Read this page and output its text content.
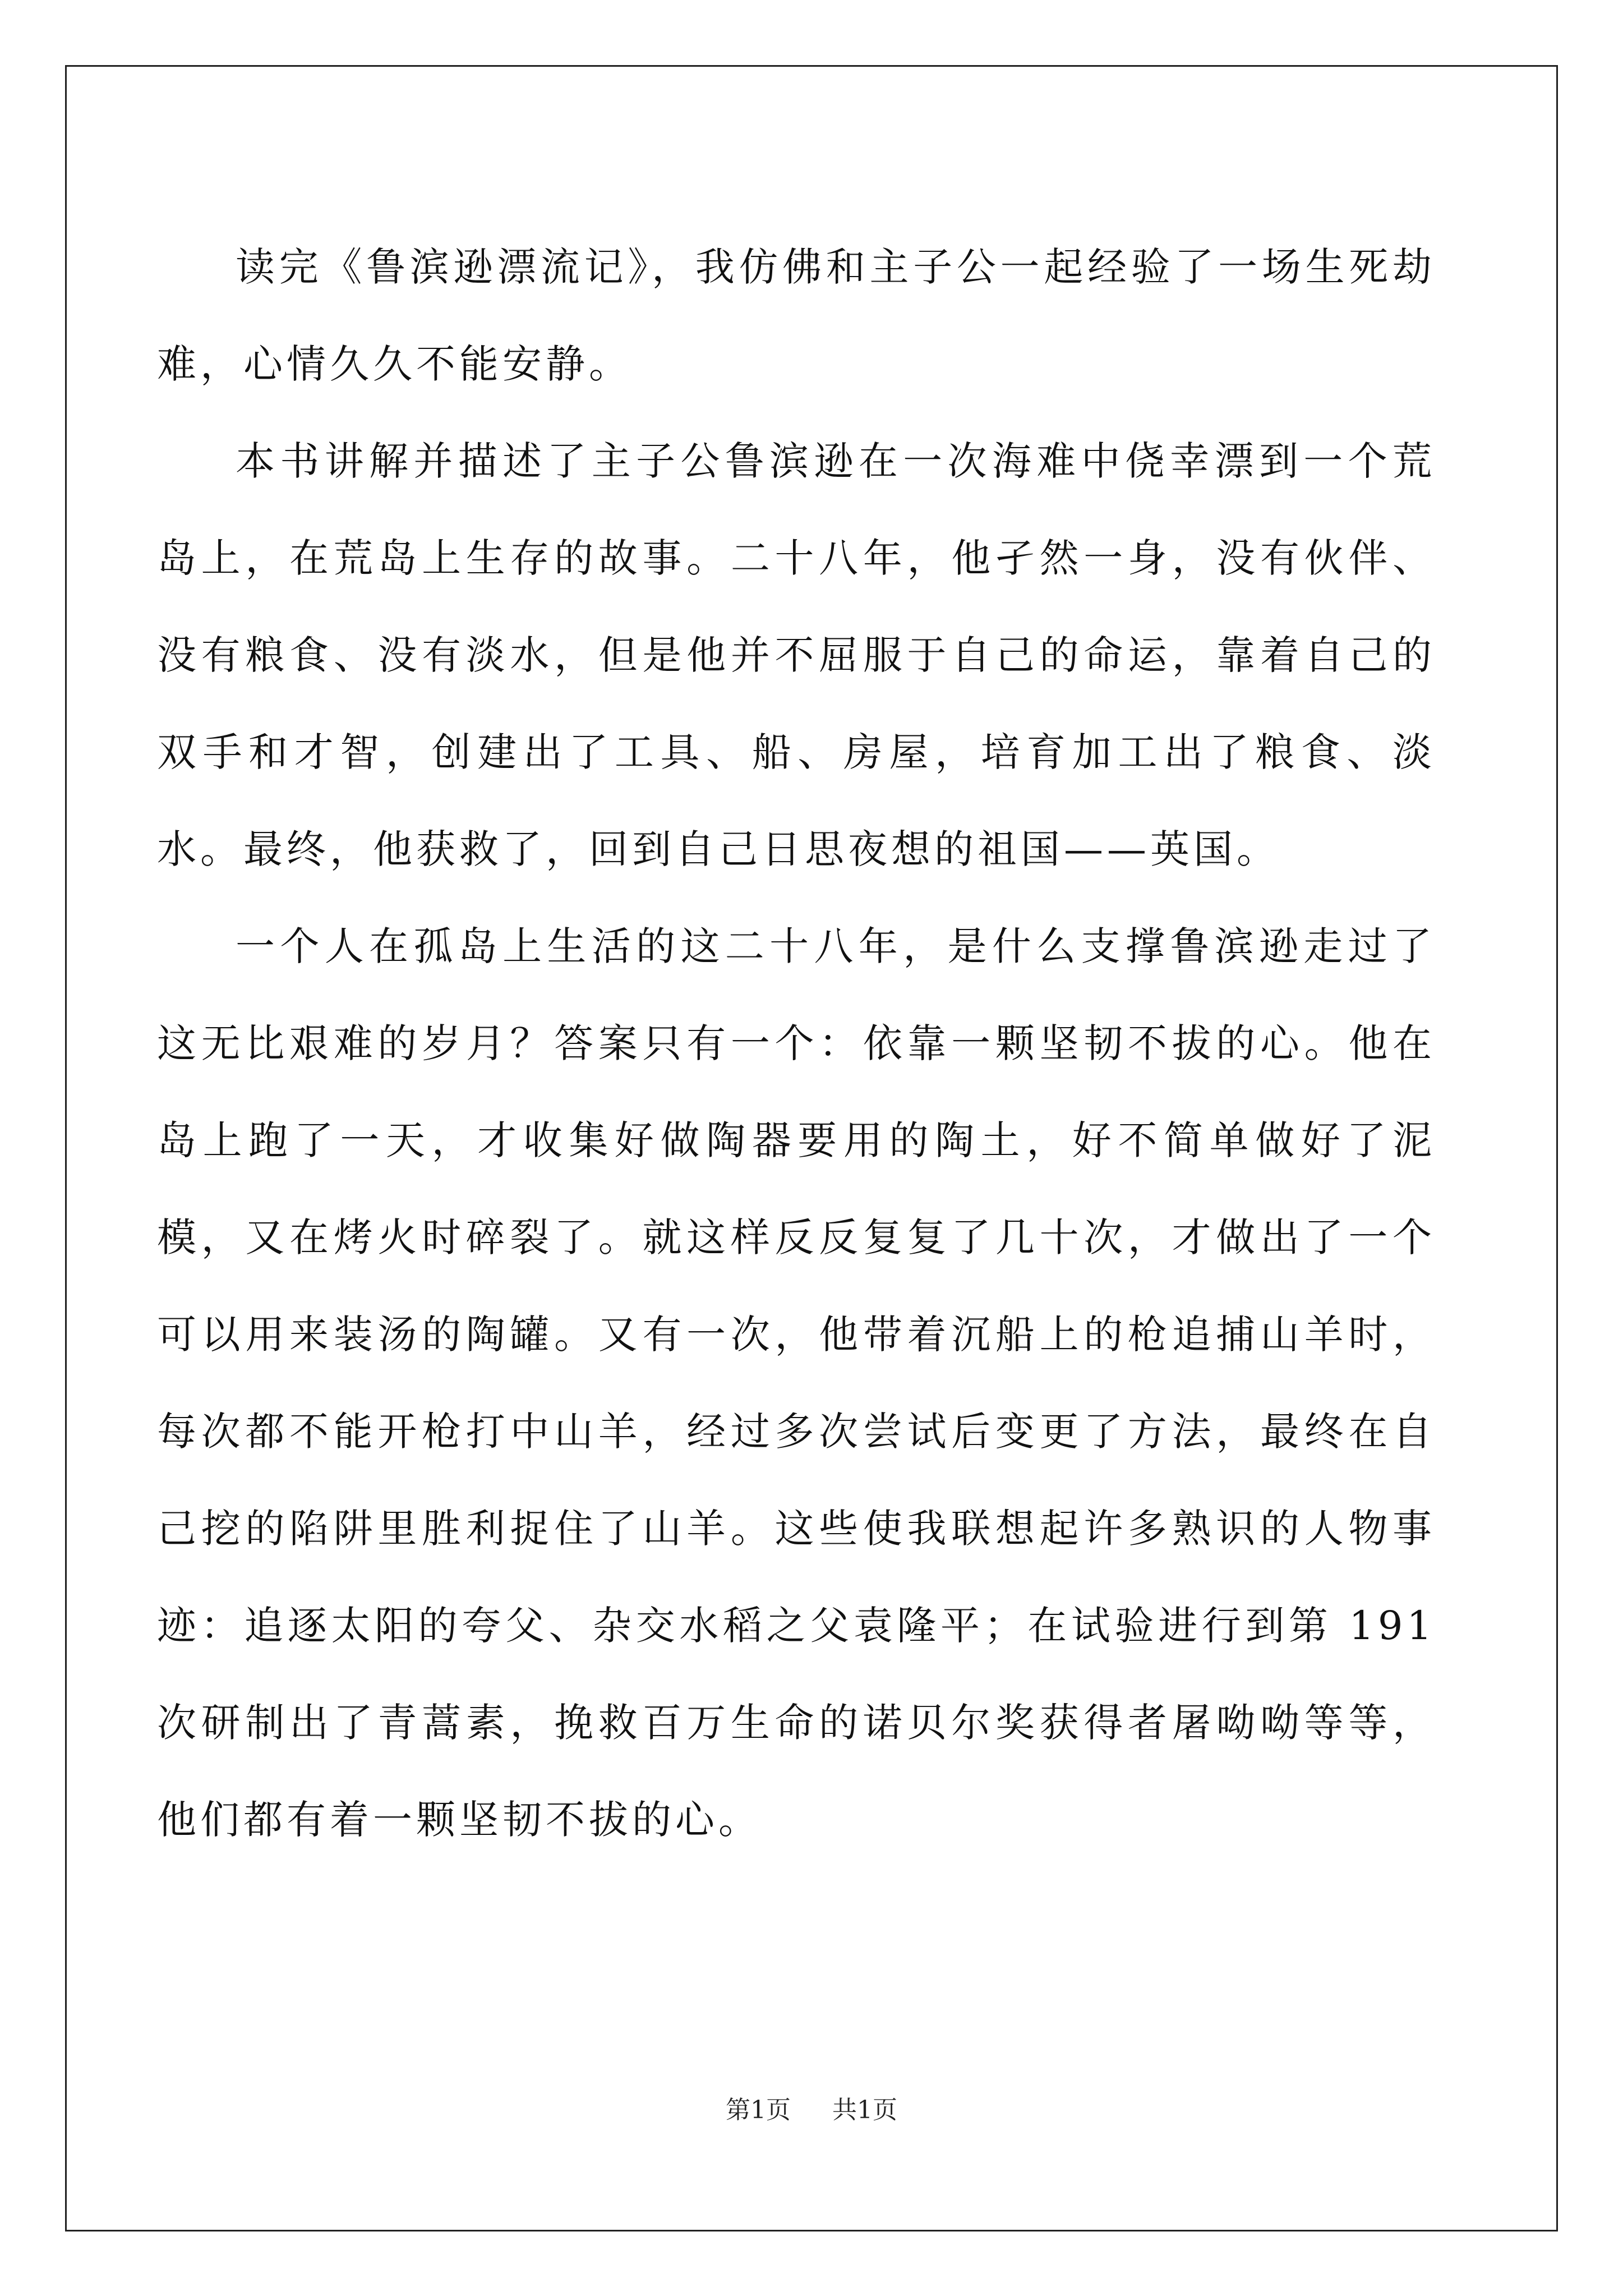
读完《鲁滨逊漂流记》，我仿佛和主子公一起经验了一场生死劫难，心情久久不能安静。

本书讲解并描述了主子公鲁滨逊在一次海难中侥幸漂到一个荒岛上，在荒岛上生存的故事。二十八年，他孑然一身，没有伙伴、没有粮食、没有淡水，但是他并不屈服于自己的命运，靠着自己的双手和才智，创建出了工具、船、房屋，培育加工出了粮食、淡水。最终，他获救了，回到自己日思夜想的祖国——英国。

一个人在孤岛上生活的这二十八年，是什么支撑鲁滨逊走过了这无比艰难的岁月？答案只有一个：依靠一颗坚韧不拔的心。他在岛上跑了一天，才收集好做陶器要用的陶土，好不简单做好了泥模，又在烤火时碎裂了。就这样反反复复了几十次，才做出了一个可以用来装汤的陶罐。又有一次，他带着沉船上的枪追捕山羊时，每次都不能开枪打中山羊，经过多次尝试后变更了方法，最终在自己挖的陷阱里胜利捉住了山羊。这些使我联想起许多熟识的人物事迹：追逐太阳的夸父、杂交水稻之父袁隆平；在试验进行到第 191 次研制出了青蒿素，挽救百万生命的诺贝尔奖获得者屠呦呦等等，他们都有着一颗坚韧不拔的心。

第1页 共1页
